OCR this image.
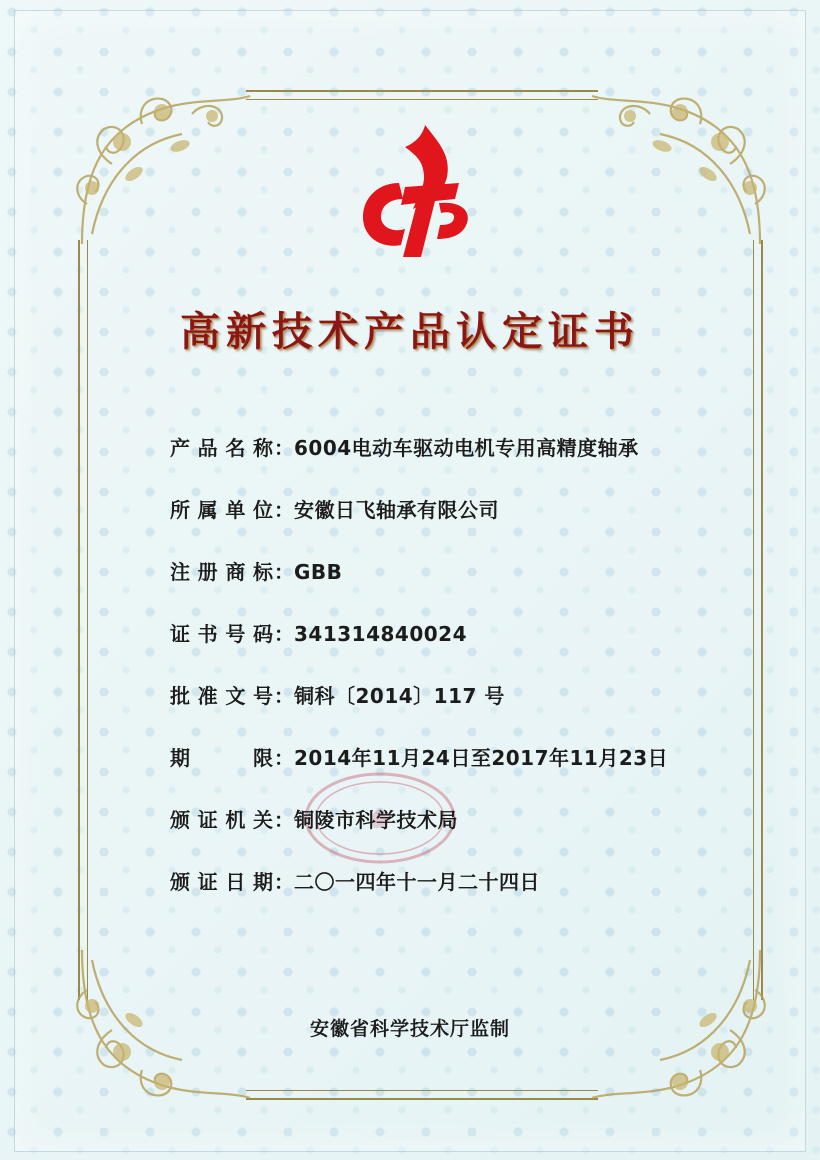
高新技术产品认定证书
产品名称 ： 6004电动车驱动电机专用高精度轴承
所属单位 ： 安徽日飞轴承有限公司
注册商标 ： GBB
证书号码 ： 341314840024
批准文号 ： 铜科〔2014〕117 号
期 限 ： 2014年11月24日至2017年11月23日
颁证机关 ： 铜陵市科学技术局
颁证日期 ： 二〇一四年十一月二十四日
安徽省科学技术厅监制
